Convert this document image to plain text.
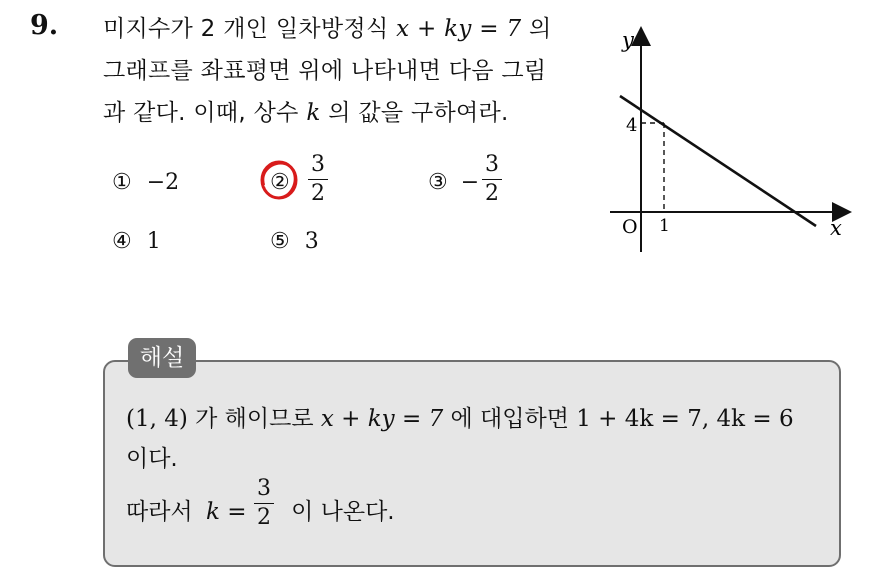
9. 미지수가 2 개인 일차방정식 x + ky = 7 의
그래프를 좌표평면 위에 나타내면 다음 그림
과 같다. 이때, 상수 k 의 값을 구하여라.
① −2	②
3
2	③ −
3
2
④ 1	⑤ 3
y
x
O
4
1
해설
(1, 4) 가 해이므로 x + ky = 7 에 대입하면 1 + 4k = 7, 4k = 6
이다.
따라서 k = 이 나온다.
3
2
